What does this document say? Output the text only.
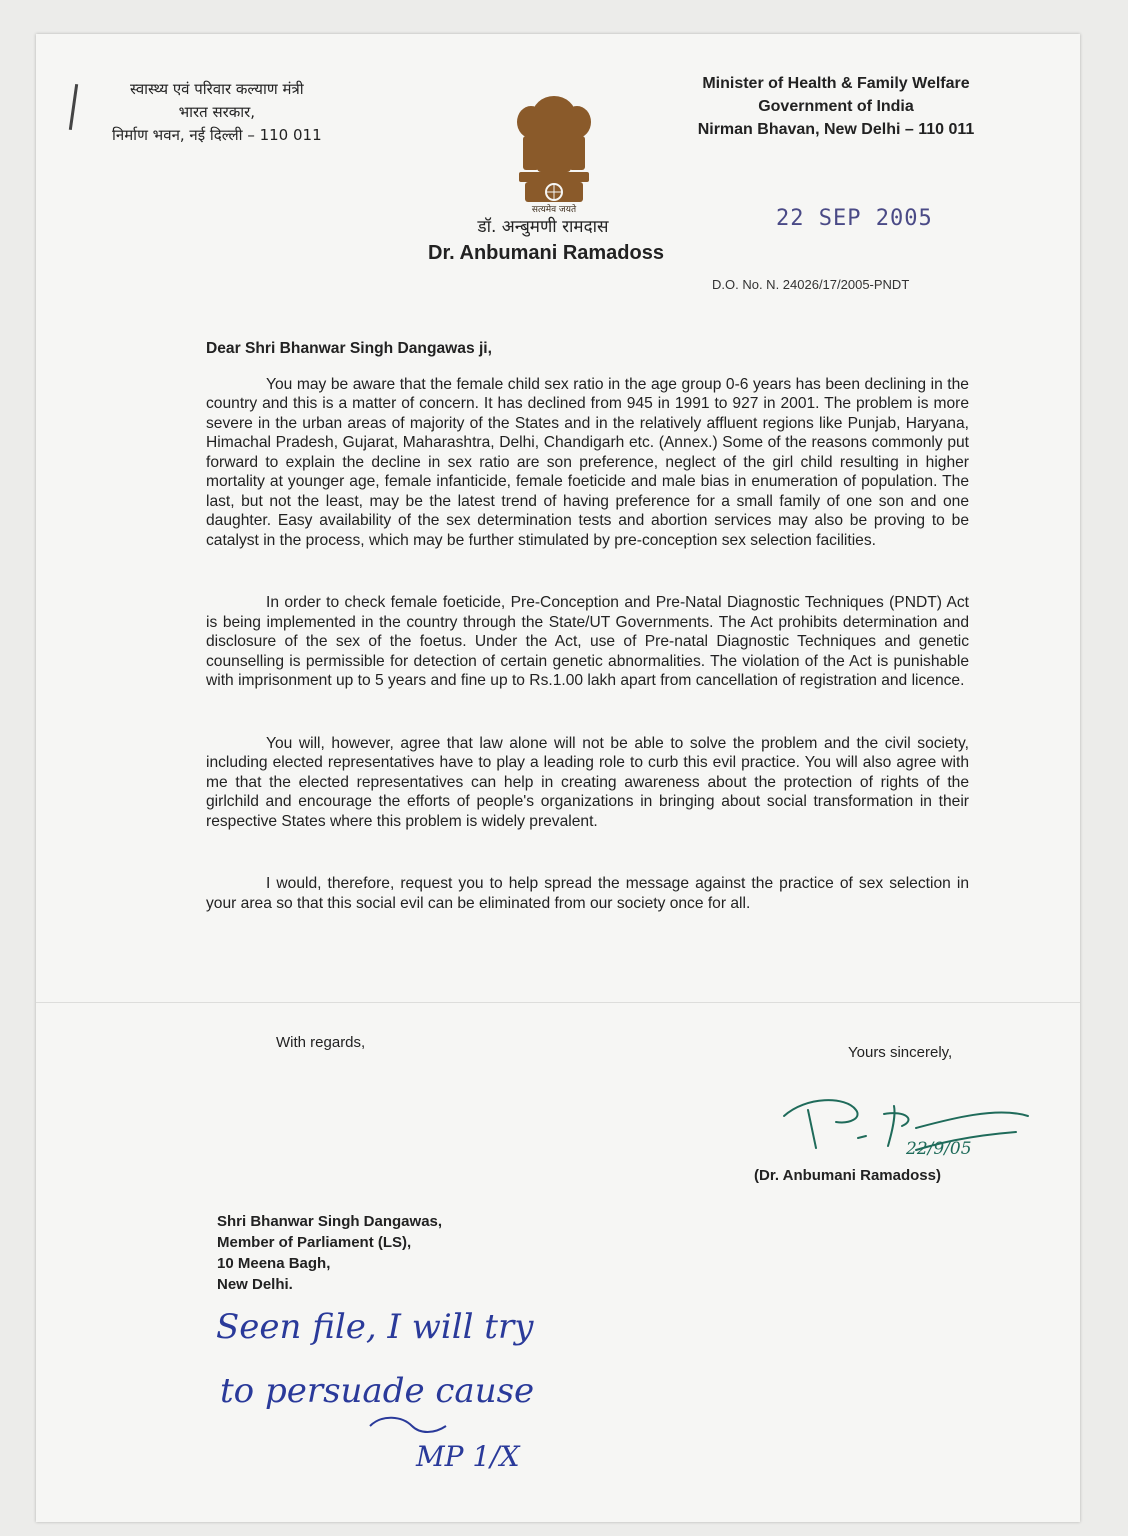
स्वास्थ्य एवं परिवार कल्याण मंत्री
भारत सरकार,
निर्माण भवन, नई दिल्ली – 110 011
Minister of Health & Family Welfare
Government of India
Nirman Bhavan, New Delhi – 110 011
सत्यमेव जयते
डॉ. अन्बुमणी रामदास
Dr. Anbumani Ramadoss
22 SEP 2005
D.O. No. N. 24026/17/2005-PNDT

Dear Shri Bhanwar Singh Dangawas ji,

You may be aware that the female child sex ratio in the age group 0-6 years has been declining in the country and this is a matter of concern. It has declined from 945 in 1991 to 927 in 2001. The problem is more severe in the urban areas of majority of the States and in the relatively affluent regions like Punjab, Haryana, Himachal Pradesh, Gujarat, Maharashtra, Delhi, Chandigarh etc. (Annex.) Some of the reasons commonly put forward to explain the decline in sex ratio are son preference, neglect of the girl child resulting in higher mortality at younger age, female infanticide, female foeticide and male bias in enumeration of population. The last, but not the least, may be the latest trend of having preference for a small family of one son and one daughter. Easy availability of the sex determination tests and abortion services may also be proving to be catalyst in the process, which may be further stimulated by pre-conception sex selection facilities.

In order to check female foeticide, Pre-Conception and Pre-Natal Diagnostic Techniques (PNDT) Act is being implemented in the country through the State/UT Governments. The Act prohibits determination and disclosure of the sex of the foetus. Under the Act, use of Pre-natal Diagnostic Techniques and genetic counselling is permissible for detection of certain genetic abnormalities. The violation of the Act is punishable with imprisonment up to 5 years and fine up to Rs.1.00 lakh apart from cancellation of registration and licence.

You will, however, agree that law alone will not be able to solve the problem and the civil society, including elected representatives have to play a leading role to curb this evil practice. You will also agree with me that the elected representatives can help in creating awareness about the protection of rights of the girlchild and encourage the efforts of people's organizations in bringing about social transformation in their respective States where this problem is widely prevalent.

I would, therefore, request you to help spread the message against the practice of sex selection in your area so that this social evil can be eliminated from our society once for all.

With regards,
Yours sincerely,
22/9/05
(Dr. Anbumani Ramadoss)
Shri Bhanwar Singh Dangawas,
Member of Parliament (LS),
10 Meena Bagh,
New Delhi.
Seen file, I will try
to persuade cause
MP 1/X
